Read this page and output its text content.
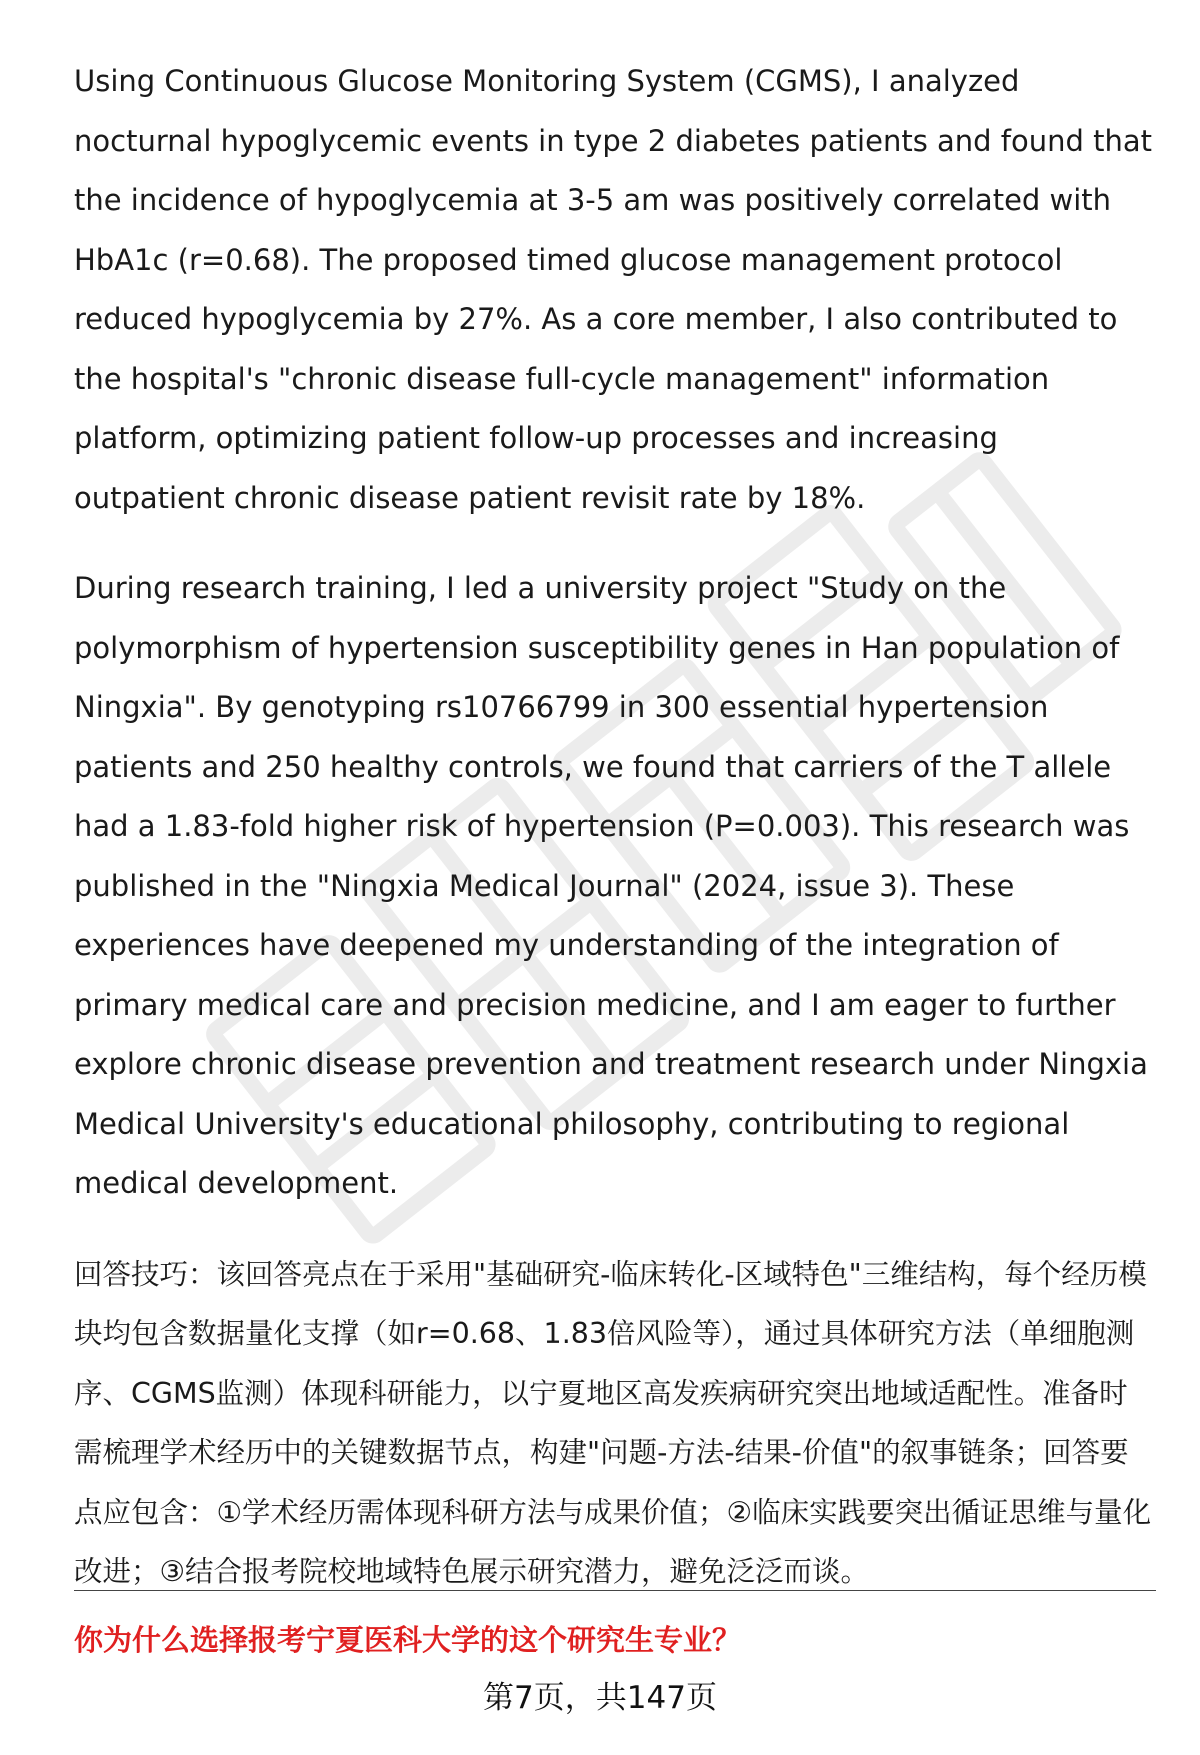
Using Continuous Glucose Monitoring System (CGMS), I analyzed nocturnal hypoglycemic events in type 2 diabetes patients and found that the incidence of hypoglycemia at 3-5 am was positively correlated with HbA1c (r=0.68). The proposed timed glucose management protocol reduced hypoglycemia by 27%. As a core member, I also contributed to the hospital's "chronic disease full-cycle management" information platform, optimizing patient follow-up processes and increasing outpatient chronic disease patient revisit rate by 18%.

During research training, I led a university project "Study on the polymorphism of hypertension susceptibility genes in Han population of Ningxia". By genotyping rs10766799 in 300 essential hypertension patients and 250 healthy controls, we found that carriers of the T allele had a 1.83-fold higher risk of hypertension (P=0.003). This research was published in the "Ningxia Medical Journal" (2024, issue 3). These experiences have deepened my understanding of the integration of primary medical care and precision medicine, and I am eager to further explore chronic disease prevention and treatment research under Ningxia Medical University's educational philosophy, contributing to regional medical development.

回答技巧：该回答亮点在于采用"基础研究-临床转化-区域特色"三维结构，每个经历模块均包含数据量化支撑（如r=0.68、1.83倍风险等），通过具体研究方法（单细胞测序、CGMS监测）体现科研能力，以宁夏地区高发疾病研究突出地域适配性。准备时需梳理学术经历中的关键数据节点，构建"问题-方法-结果-价值"的叙事链条；回答要点应包含：①学术经历需体现科研方法与成果价值；②临床实践要突出循证思维与量化改进；③结合报考院校地域特色展示研究潜力，避免泛泛而谈。

你为什么选择报考宁夏医科大学的这个研究生专业？
第7页，共147页
